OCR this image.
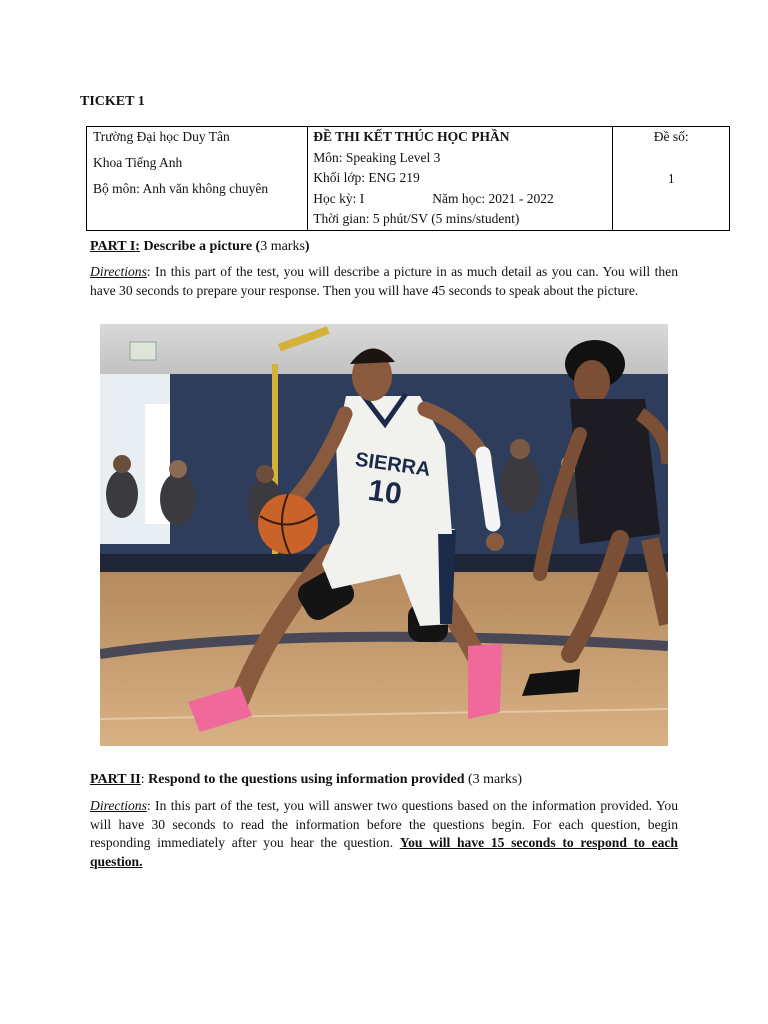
TICKET 1
Trường Đại học Duy Tân
Khoa Tiếng Anh
Bộ môn: Anh văn không chuyên

ĐỀ THI KẾT THÚC HỌC PHẦN
Môn: Speaking Level 3
Khối lớp: ENG 219
Học kỳ: I	Năm học: 2021 - 2022
Thời gian: 5 phút/SV (5 mins/student)

Đề số:
1
PART I: Describe a picture (3 marks)
Directions: In this part of the test, you will describe a picture in as much detail as you can. You will then have 30 seconds to prepare your response. Then you will have 45 seconds to speak about the picture.
SIERRA
10
PART II: Respond to the questions using information provided (3 marks)
Directions: In this part of the test, you will answer two questions based on the information provided. You will have 30 seconds to read the information before the questions begin. For each question, begin responding immediately after you hear the question. You will have 15 seconds to respond to each question.
